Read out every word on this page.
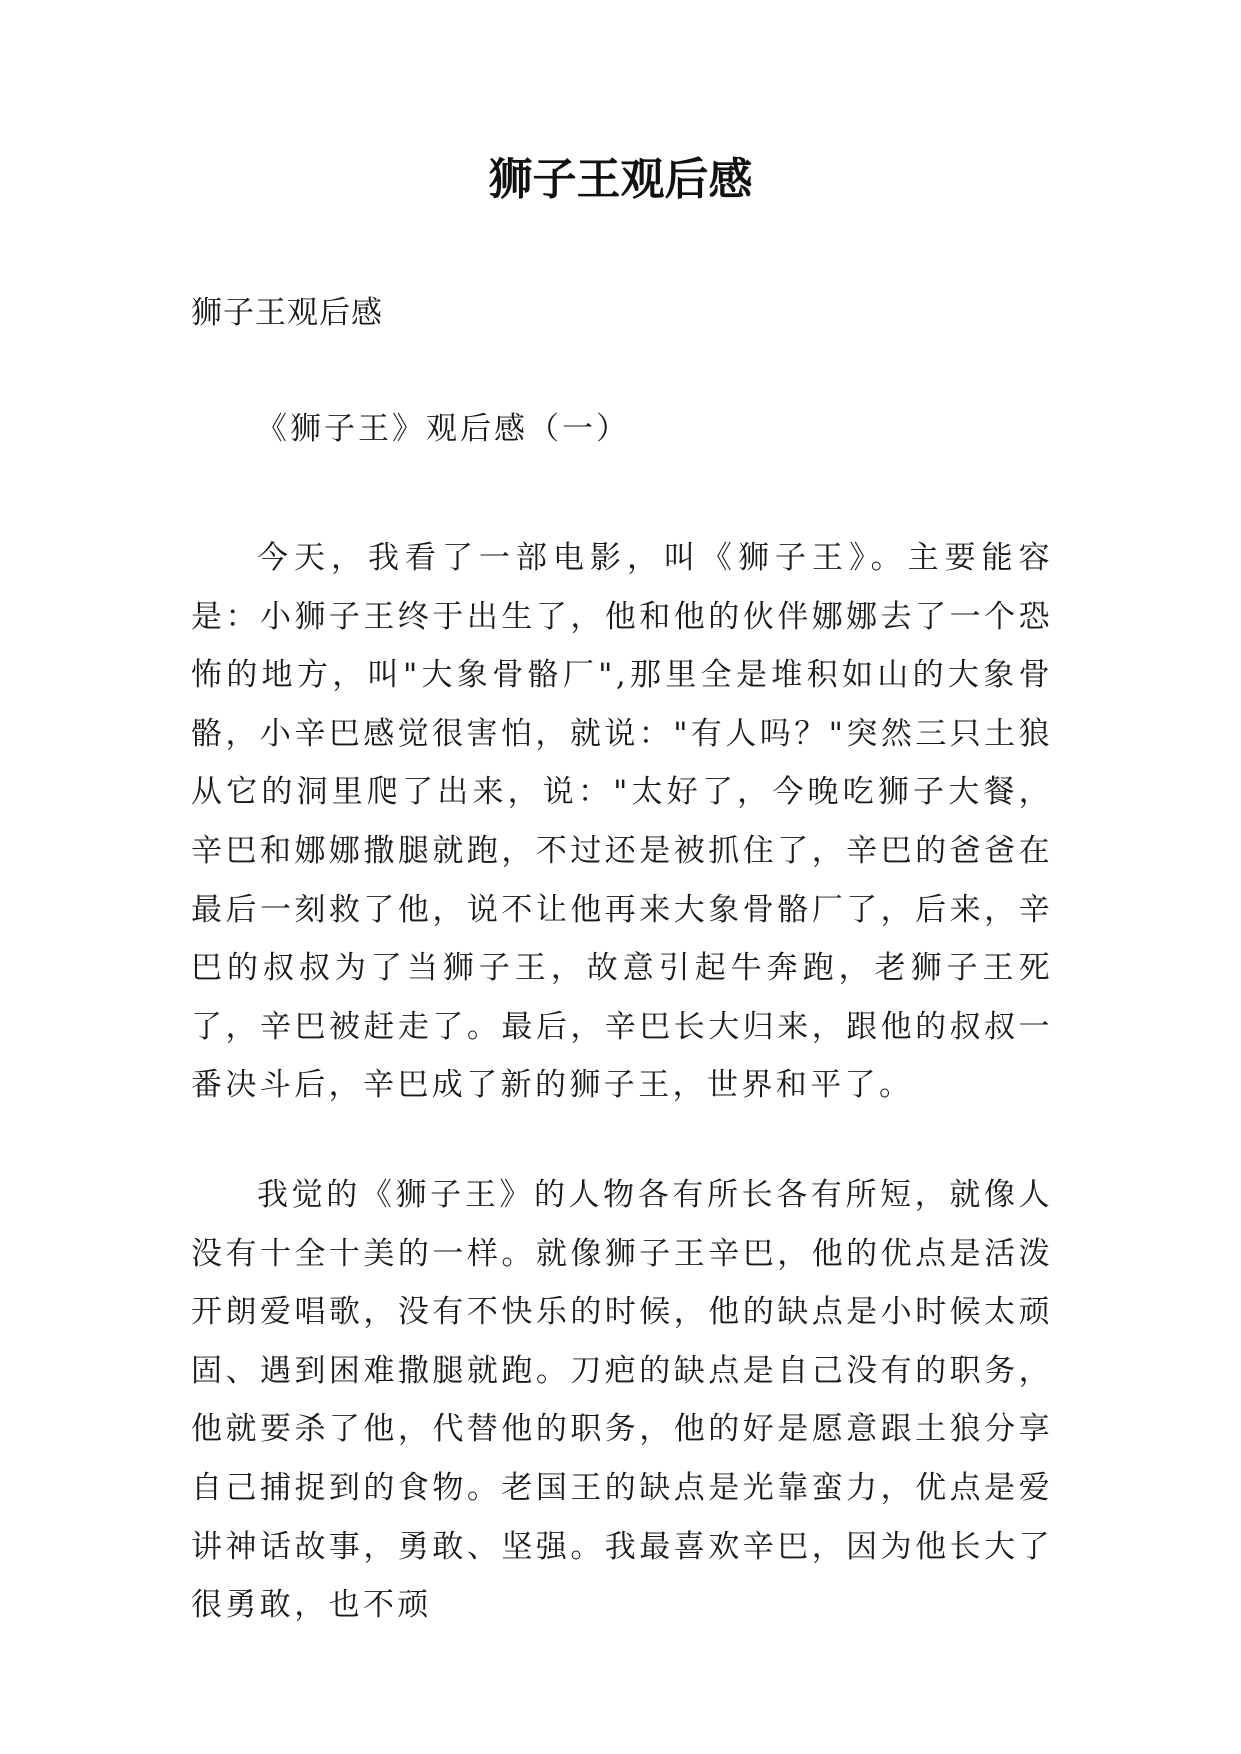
狮子王观后感

狮子王观后感

《狮子王》观后感（一）

今天，我看了一部电影，叫《狮子王》。主要能容是：小狮子王终于出生了，他和他的伙伴娜娜去了一个恐怖的地方，叫"大象骨骼厂",那里全是堆积如山的大象骨骼，小辛巴感觉很害怕，就说："有人吗？"突然三只土狼从它的洞里爬了出来，说："太好了，今晚吃狮子大餐，辛巴和娜娜撒腿就跑，不过还是被抓住了，辛巴的爸爸在最后一刻救了他，说不让他再来大象骨骼厂了，后来，辛巴的叔叔为了当狮子王，故意引起牛奔跑，老狮子王死了，辛巴被赶走了。最后，辛巴长大归来，跟他的叔叔一番决斗后，辛巴成了新的狮子王，世界和平了。

我觉的《狮子王》的人物各有所长各有所短，就像人没有十全十美的一样。就像狮子王辛巴，他的优点是活泼开朗爱唱歌，没有不快乐的时候，他的缺点是小时候太顽固、遇到困难撒腿就跑。刀疤的缺点是自己没有的职务，他就要杀了他，代替他的职务，他的好是愿意跟土狼分享自己捕捉到的食物。老国王的缺点是光靠蛮力，优点是爱讲神话故事，勇敢、坚强。我最喜欢辛巴，因为他长大了很勇敢，也不顽
